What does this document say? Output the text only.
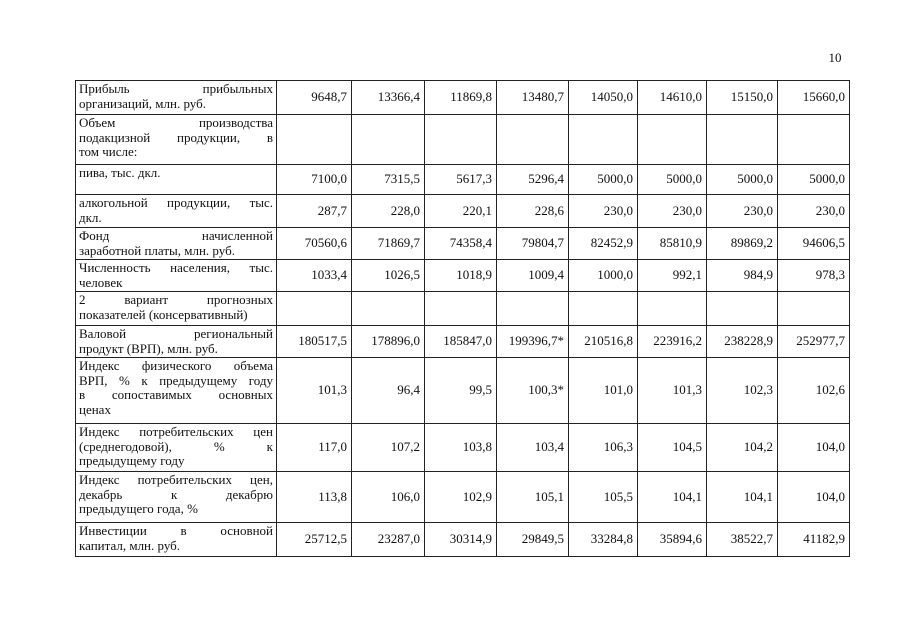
10
Прибыль прибыльных
организаций, млн. руб.	9648,7	13366,4	11869,8	13480,7	14050,0	14610,0	15150,0	15660,0

Объем производства
подакцизной продукции, в
том числе:								

пива, тыс. дкл.	7100,0	7315,5	5617,3	5296,4	5000,0	5000,0	5000,0	5000,0

алкогольной продукции, тыс.
дкл.	287,7	228,0	220,1	228,6	230,0	230,0	230,0	230,0

Фонд начисленной
заработной платы, млн. руб.	70560,6	71869,7	74358,4	79804,7	82452,9	85810,9	89869,2	94606,5

Численность населения, тыс.
человек	1033,4	1026,5	1018,9	1009,4	1000,0	992,1	984,9	978,3

2 вариант прогнозных
показателей (консервативный)								

Валовой региональный
продукт (ВРП), млн. руб.	180517,5	178896,0	185847,0	199396,7*	210516,8	223916,2	238228,9	252977,7

Индекс физического объема
ВРП, % к предыдущему году
в сопоставимых основных
ценах	101,3	96,4	99,5	100,3*	101,0	101,3	102,3	102,6

Индекс потребительских цен
(среднегодовой), % к
предыдущему году	117,0	107,2	103,8	103,4	106,3	104,5	104,2	104,0

Индекс потребительских цен,
декабрь к декабрю
предыдущего года, %	113,8	106,0	102,9	105,1	105,5	104,1	104,1	104,0

Инвестиции в основной
капитал, млн. руб.	25712,5	23287,0	30314,9	29849,5	33284,8	35894,6	38522,7	41182,9
